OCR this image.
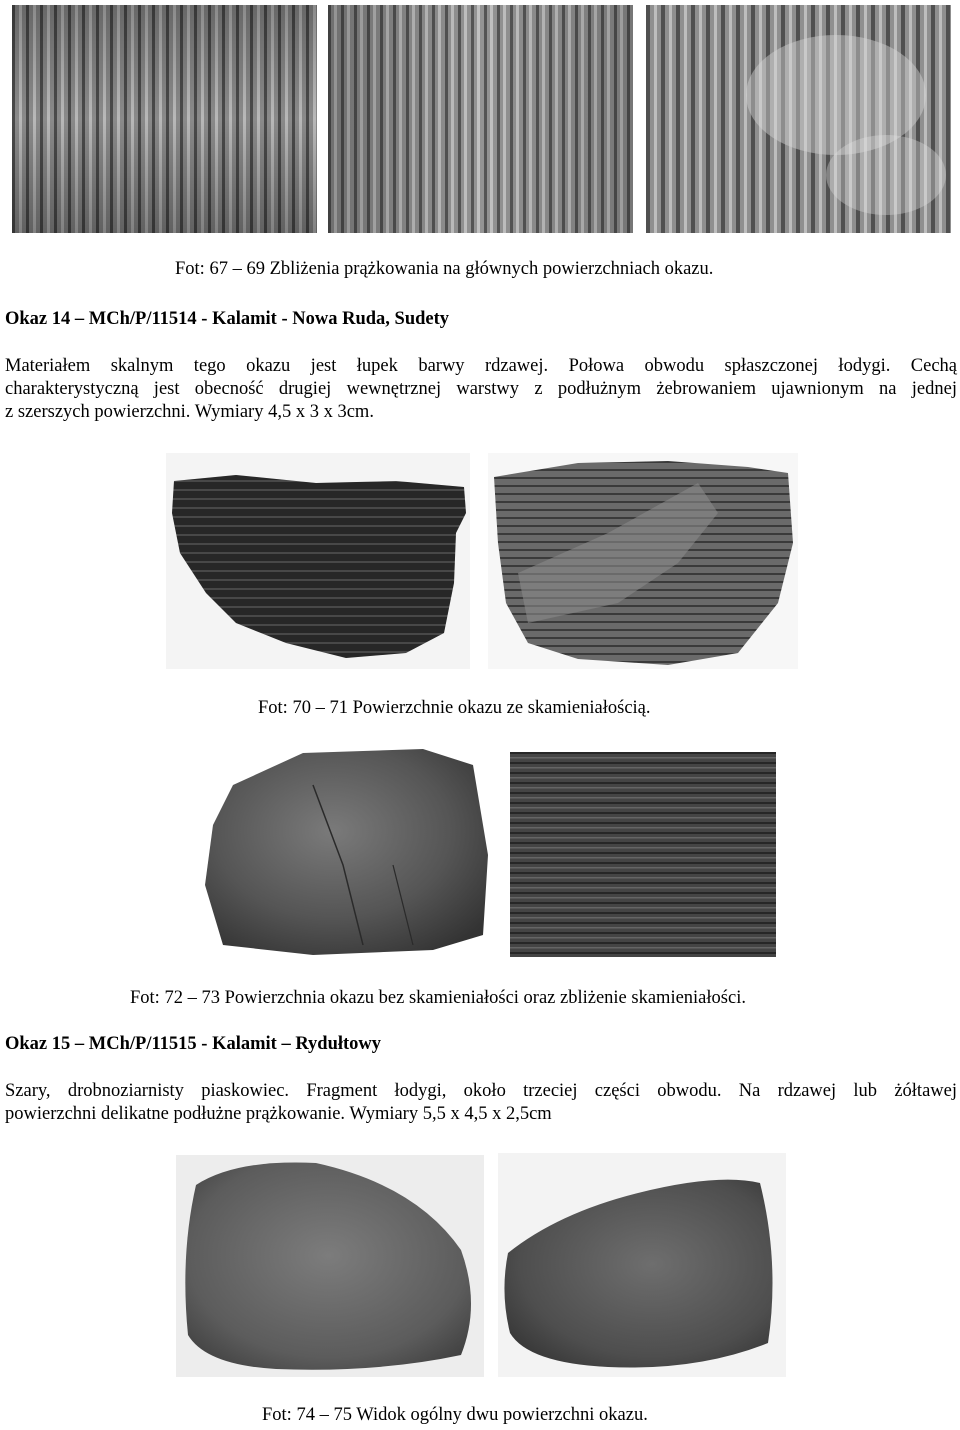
Fot: 67 – 69 Zbliżenia prążkowania na głównych powierzchniach okazu.
Okaz 14 – MCh/P/11514 - Kalamit - Nowa Ruda, Sudety
Materiałem skalnym tego okazu jest łupek barwy rdzawej. Połowa obwodu spłaszczonej łodygi. Cechą
charakterystyczną jest obecność drugiej wewnętrznej warstwy z podłużnym żebrowaniem ujawnionym na jednej
z szerszych powierzchni. Wymiary 4,5 x 3 x 3cm.
Fot: 70 – 71 Powierzchnie okazu ze skamieniałością.
Fot: 72 – 73 Powierzchnia okazu bez skamieniałości oraz zbliżenie skamieniałości.
Okaz 15 – MCh/P/11515 - Kalamit – Rydułtowy
Szary, drobnoziarnisty piaskowiec. Fragment łodygi, około trzeciej części obwodu. Na rdzawej lub żółtawej
powierzchni delikatne podłużne prążkowanie. Wymiary 5,5 x 4,5 x 2,5cm
Fot: 74 – 75 Widok ogólny dwu powierzchni okazu.
